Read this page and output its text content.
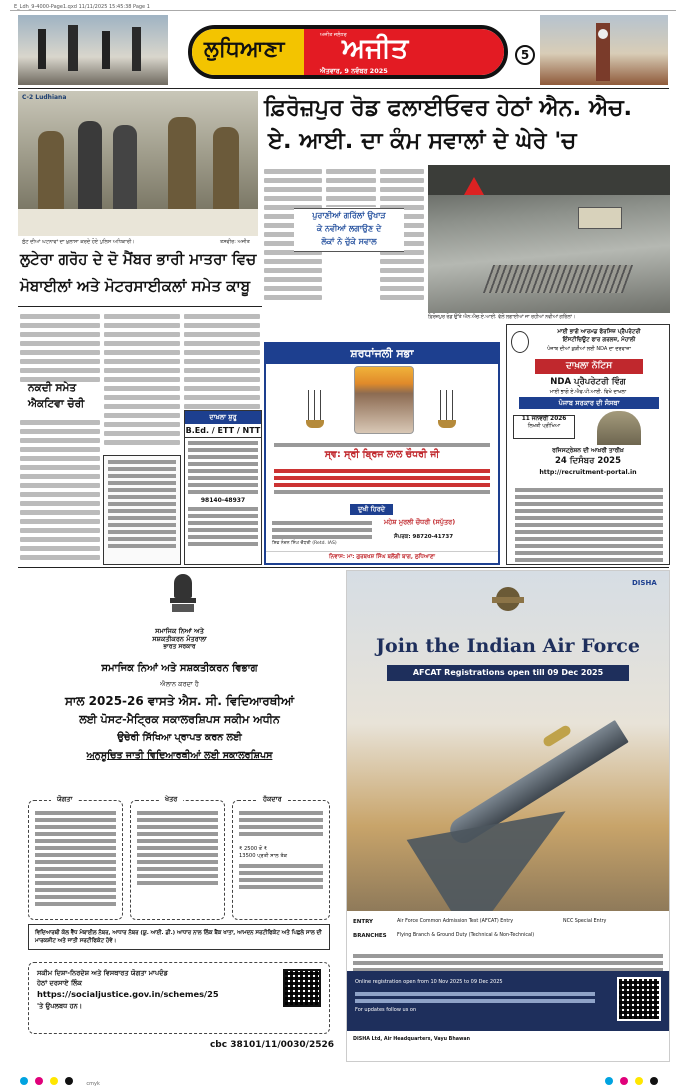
E_Ldh_9-4000-Page1.qxd 11/11/2025 15:45:38 Page 1
ਲੁਧਿਆਣਾ ਅਜੀਤ
ਅਜੀਤ ਜਲੰਧਰ
ਐਤਵਾਰ, 9 ਨਵੰਬਰ 2025
5
C-2 Ludhiana
ਲੁੱਟ ਦੀਆਂ ਘਟਨਾਵਾਂ ਦਾ ਖ਼ੁਲਾਸਾ ਕਰਦੇ ਹੋਏ ਪੁਲਿਸ ਅਧਿਕਾਰੀ।	ਤਸਵੀਰ: ਅਜੀਤ
ਫ਼ਿਰੋਜ਼ਪੁਰ ਰੋਡ ਫਲਾਈਓਵਰ ਹੇਠਾਂ ਐਨ. ਐਚ.
ਏ. ਆਈ. ਦਾ ਕੰਮ ਸਵਾਲਾਂ ਦੇ ਘੇਰੇ 'ਚ
ਪੁਰਾਣੀਆਂ ਗਰਿੱਲਾਂ ਉਖਾੜ
ਕੇ ਨਵੀਆਂ ਲਗਾਉਣ ਦੇ
ਲੋਕਾਂ ਨੇ ਚੁੱਕੇ ਸਵਾਲ
ਫ਼ਿਰੋਜ਼ਪੁਰ ਰੋਡ ਉੱਤੇ ਐਨ.ਐਚ.ਏ.ਆਈ. ਵੱਲੋਂ ਲਗਾਈਆਂ ਜਾ ਰਹੀਆਂ ਨਵੀਆਂ ਗਰਿੱਲਾਂ।
ਲੁਟੇਰਾ ਗਰੋਹ ਦੇ ਦੋ ਮੈਂਬਰ ਭਾਰੀ ਮਾਤਰਾ ਵਿਚ
ਮੋਬਾਈਲਾਂ ਅਤੇ ਮੋਟਰਸਾਈਕਲਾਂ ਸਮੇਤ ਕਾਬੂ
ਨਕਦੀ ਸਮੇਤ
ਐਕਟਿਵਾ ਚੋਰੀ
ਦਾਖ਼ਲਾ ਸ਼ੁਰੂ
B.Ed. / ETT / NTT
98140-48937
ਸ਼ਰਧਾਂਜਲੀ ਸਭਾ
ਸ੍ਵ: ਸ੍ਰੀ ਬ੍ਰਿਜ ਲਾਲ ਚੌਧਰੀ ਜੀ
ਦੁਖੀ ਹਿਰਦੇ
ਸ਼ਿਵ ਨੰਦਨ ਸਿੰਘ ਚੌਧਰੀ (Retd. IAS)
ਮਹੇਸ਼ ਮੁਰਲੀ ਚੌਧਰੀ (ਸਪੁੱਤਰ)
ਸੰਪਰਕ: 98720-41737
ਨਿਵਾਸ: ਮਾ: ਗੁਰਬਖਸ਼ ਸਿੰਘ ਬਲੌਂਗੀ ਬਾਗ, ਲੁਧਿਆਣਾ
ਮਾਈ ਭਾਗੋ ਆਰਮਡ ਫੋਰਸਿਜ਼ ਪ੍ਰੈਪਰੇਟਰੀ
ਇੰਸਟੀਚਿਊਟ ਫਾਰ ਗਰਲਜ਼, ਮੋਹਾਲੀ
ਪੰਜਾਬ ਦੀਆਂ ਕੁੜੀਆਂ ਲਈ NDA ਦਾ ਦਰਵਾਜ਼ਾ
ਦਾਖ਼ਲਾ ਨੋਟਿਸ
NDA ਪ੍ਰੈਪਰੇਟਰੀ ਵਿੰਗ
ਮਾਈ ਭਾਗੋ ਏ.ਐਫ.ਪੀ.ਆਈ. ਵਿਖੇ ਦਾਖ਼ਲਾ
ਪੰਜਾਬ ਸਰਕਾਰ ਦੀ ਸੰਸਥਾ
11 ਜਨਵਰੀ 2026
ਲਿਖਤੀ ਪ੍ਰੀਖਿਆ
ਰਜਿਸਟ੍ਰੇਸ਼ਨ ਦੀ ਆਖ਼ਰੀ ਤਾਰੀਖ਼
24 ਦਿਸੰਬਰ 2025
http://recruitment-portal.in
ਸਮਾਜਿਕ ਨਿਆਂ ਅਤੇ
ਸਸ਼ਕਤੀਕਰਨ ਮੰਤਰਾਲਾ
ਭਾਰਤ ਸਰਕਾਰ
ਸਮਾਜਿਕ ਨਿਆਂ ਅਤੇ ਸਸ਼ਕਤੀਕਰਨ ਵਿਭਾਗ
ਐਲਾਨ ਕਰਦਾ ਹੈ
ਸਾਲ 2025-26 ਵਾਸਤੇ ਐਸ. ਸੀ. ਵਿਦਿਆਰਥੀਆਂ
ਲਈ ਪੋਸਟ-ਮੈਟ੍ਰਿਕ ਸਕਾਲਰਸ਼ਿਪਸ ਸਕੀਮ ਅਧੀਨ
ਉਚੇਰੀ ਸਿੱਖਿਆ ਪ੍ਰਾਪਤ ਕਰਨ ਲਈ
ਅਨੁਸੂਚਿਤ ਜਾਤੀ ਵਿਦਿਆਰਥੀਆਂ ਲਈ ਸਕਾਲਰਸ਼ਿਪਸ
ਯੋਗਤਾ	ਖੇਤਰ	ਹੱਕਦਾਰ
₹ 2500 ਤੋਂ ₹
13500 ਪ੍ਰਤੀ ਸਾਲ ਤੱਕ
ਵਿਦਿਆਰਥੀ ਕੋਲ ਵੈੱਧ ਮੋਬਾਈਲ ਨੰਬਰ, ਆਧਾਰ ਨੰਬਰ (ਯੂ. ਆਈ. ਡੀ.) ਆਧਾਰ ਨਾਲ ਲਿੰਕ ਬੈਂਕ ਖਾਤਾ, ਆਮਦਨ ਸਰਟੀਫਿਕੇਟ ਅਤੇ ਪਿਛਲੇ ਸਾਲ ਦੀ ਮਾਰਕਸ਼ੀਟ ਅਤੇ ਜਾਤੀ ਸਰਟੀਫਿਕੇਟ ਹੋਵੇ।
ਸਕੀਮ ਦਿਸ਼ਾ-ਨਿਰਦੇਸ਼ ਅਤੇ ਵਿਸਥਾਰਤ ਯੋਗਤਾ ਮਾਪਦੰਡ
ਹੇਠਾਂ ਦਰਸਾਏ ਲਿੰਕ
https://socialjustice.gov.in/schemes/25
'ਤੇ ਉਪਲਬਧ ਹਨ।
cbc 38101/11/0030/2526
DISHA
Join the Indian Air Force
AFCAT Registrations open till 09 Dec 2025
ENTRY	Air Force Common Admission Test (AFCAT) Entry	NCC Special Entry
BRANCHES Flying Branch & Ground Duty (Technical & Non-Technical)
Online registration open from 10 Nov 2025 to 09 Dec 2025
For updates follow us on
DISHA Ltd, Air Headquarters, Vayu Bhawan
cmyk
